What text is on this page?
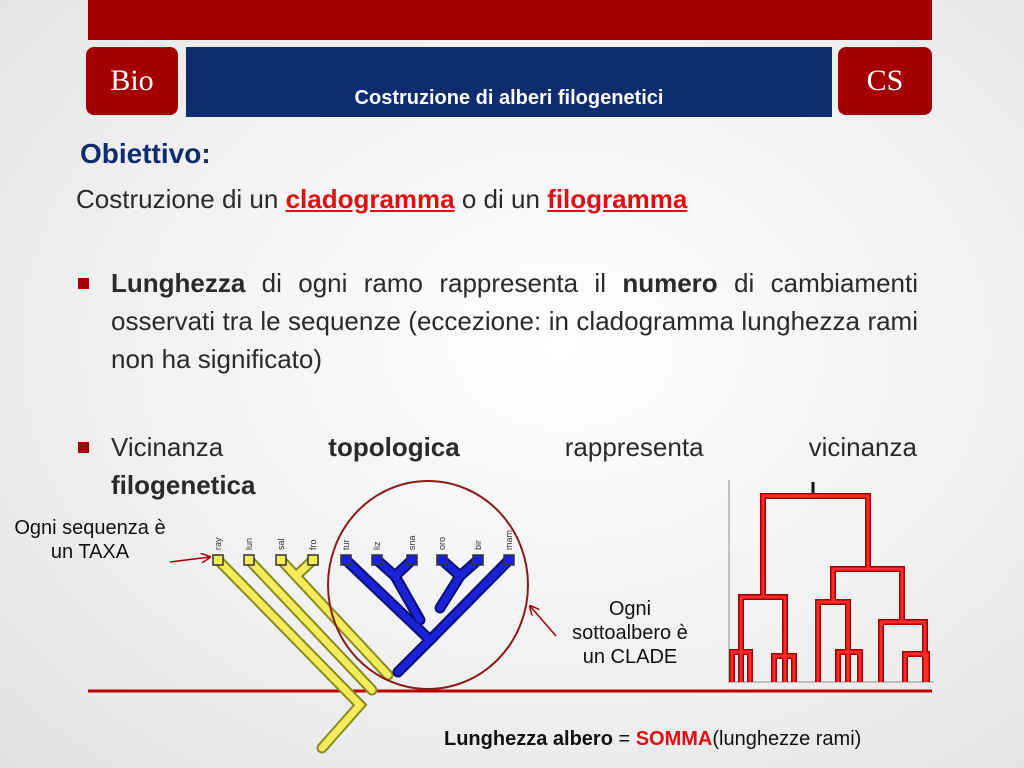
Bio
Costruzione di alberi filogenetici
CS
Obiettivo:
Costruzione di un cladogramma o di un filogramma
Lunghezza di ogni ramo rappresenta il numero di cambiamenti osservati tra le sequenze (eccezione: in cladogramma lunghezza rami non ha significato)
Vicinanza	topologica	rappresenta	vicinanza
filogenetica
ray lun sal fro	tur liz	sna oro	bir mam
Ogni sequenza è un TAXA
Ogni sottoalbero è un CLADE
Lunghezza albero = SOMMA(lunghezze rami)
